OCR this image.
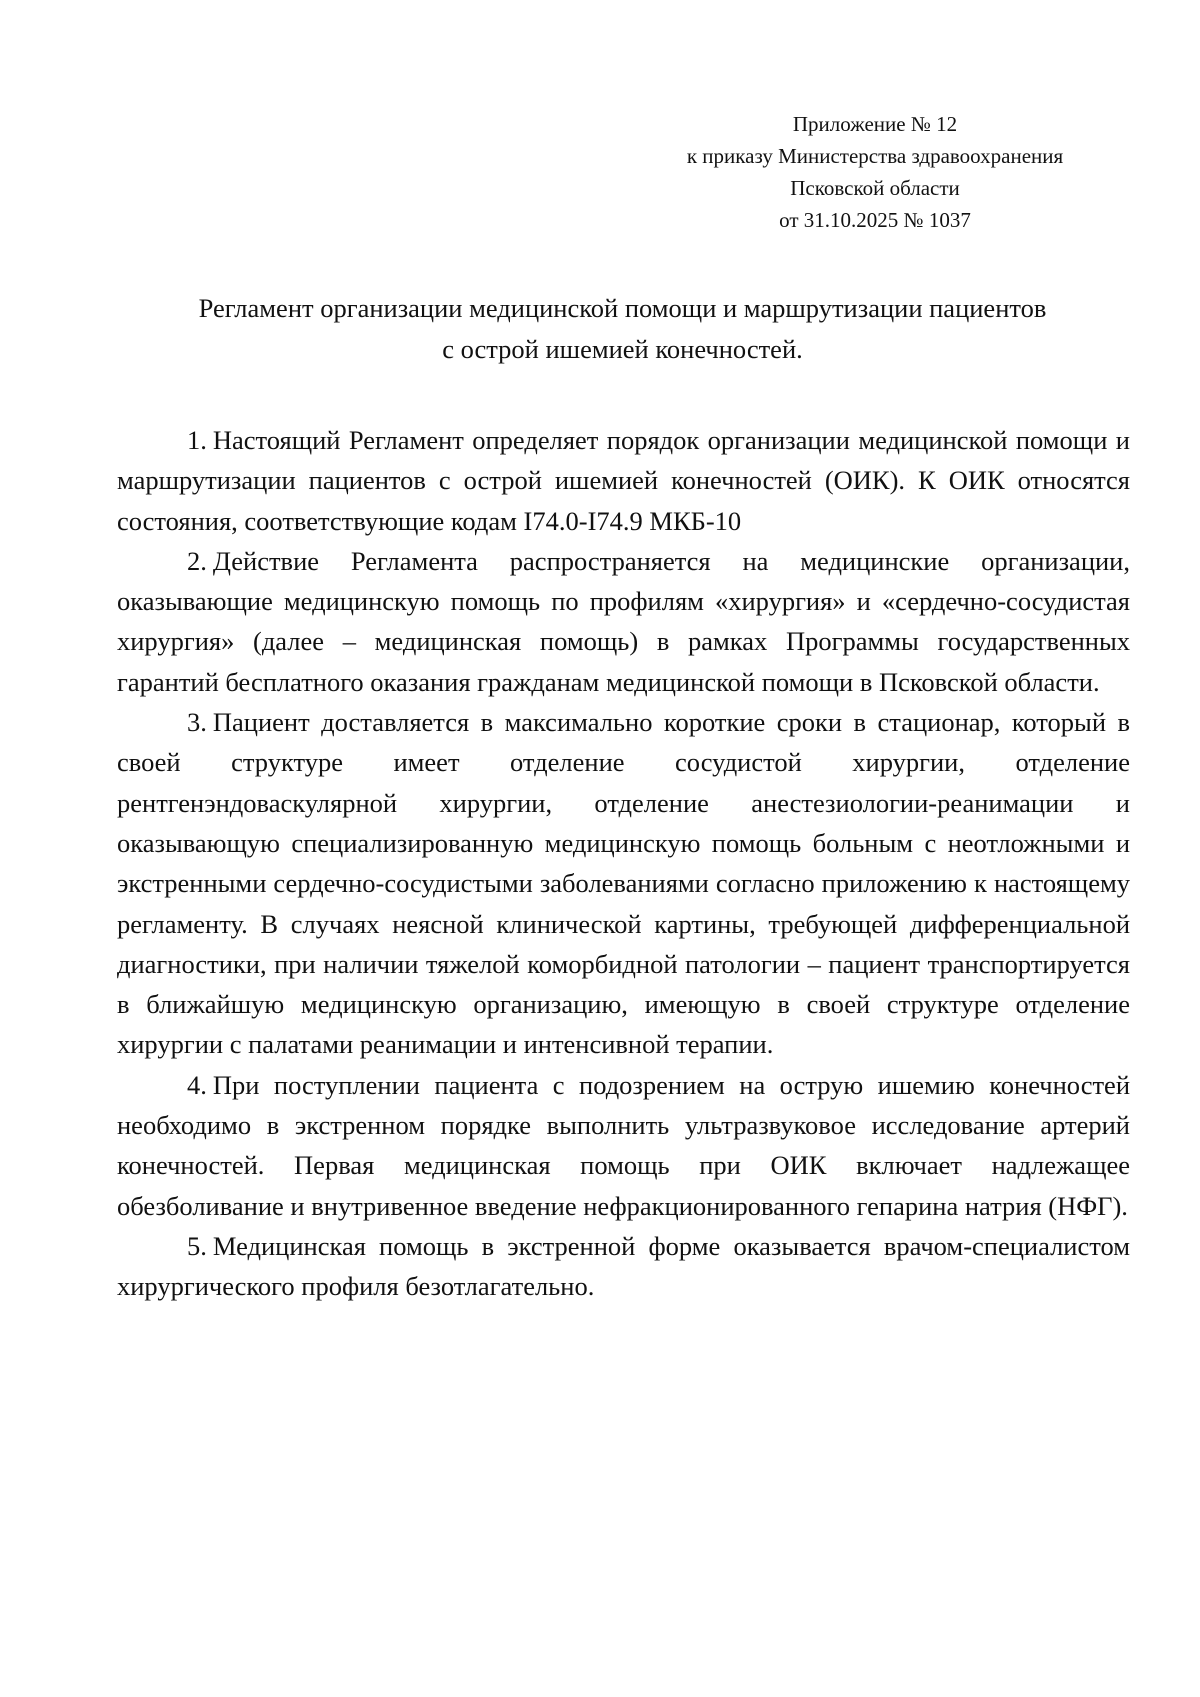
Приложение № 12
к приказу Министерства здравоохранения
Псковской области
от 31.10.2025 № 1037
Регламент организации медицинской помощи и маршрутизации пациентов
с острой ишемией конечностей.

1. Настоящий Регламент определяет порядок организации медицинской помощи и маршрутизации пациентов с острой ишемией конечностей (ОИК). К ОИК относятся состояния, соответствующие кодам I74.0-I74.9 МКБ-10

2. Действие Регламента распространяется на медицинские организации, оказывающие медицинскую помощь по профилям «хирургия» и «сердечно-сосудистая хирургия» (далее – медицинская помощь) в рамках Программы государственных гарантий бесплатного оказания гражданам медицинской помощи в Псковской области.

3. Пациент доставляется в максимально короткие сроки в стационар, который в своей структуре имеет отделение сосудистой хирургии, отделение рентгенэндоваскулярной хирургии, отделение анестезиологии-реанимации и оказывающую специализированную медицинскую помощь больным с неотложными и экстренными сердечно-сосудистыми заболеваниями согласно приложению к настоящему регламенту. В случаях неясной клинической картины, требующей дифференциальной диагностики, при наличии тяжелой коморбидной патологии – пациент транспортируется в ближайшую медицинскую организацию, имеющую в своей структуре отделение хирургии с палатами реанимации и интенсивной терапии.

4. При поступлении пациента с подозрением на острую ишемию конечностей необходимо в экстренном порядке выполнить ультразвуковое исследование артерий конечностей. Первая медицинская помощь при ОИК включает надлежащее обезболивание и внутривенное введение нефракционированного гепарина натрия (НФГ).

5. Медицинская помощь в экстренной форме оказывается врачом-специалистом хирургического профиля безотлагательно.
